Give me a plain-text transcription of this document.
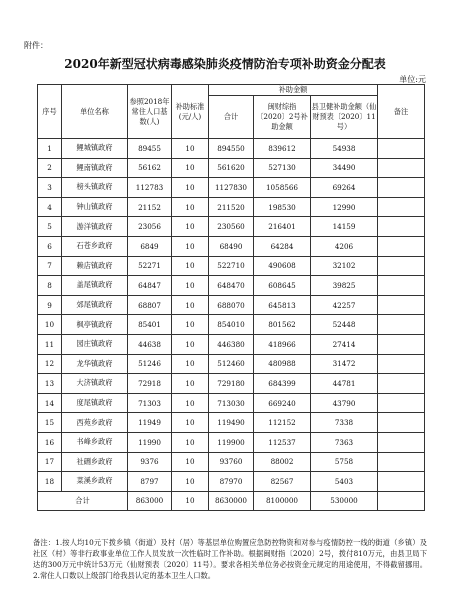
附件：
2020年新型冠状病毒感染肺炎疫情防治专项补助资金分配表
单位:元
序号	单位名称	参照2018年常住人口基数(人)	补助标准(元/人)	补助金额			备注
				合计	闽财综指〔2020〕2号补助金额	县卫健补助金额（仙财预表〔2020〕11号）	
1	鲤城镇政府	89455	10	894550	839612	54938	
2	鲤南镇政府	56162	10	561620	527130	34490	
3	榜头镇政府	112783	10	1127830	1058566	69264	
4	钟山镇政府	21152	10	211520	198530	12990	
5	游洋镇政府	23056	10	230560	216401	14159	
6	石苍乡政府	6849	10	68490	64284	4206	
7	赖店镇政府	52271	10	522710	490608	32102	
8	盖尾镇政府	64847	10	648470	608645	39825	
9	郊尾镇政府	68807	10	688070	645813	42257	
10	枫亭镇政府	85401	10	854010	801562	52448	
11	园庄镇政府	44638	10	446380	418966	27414	
12	龙华镇政府	51246	10	512460	480988	31472	
13	大济镇政府	72918	10	729180	684399	44781	
14	度尾镇政府	71303	10	713030	669240	43790	
15	西苑乡政府	11949	10	119490	112152	7338	
16	书峰乡政府	11990	10	119900	112537	7363	
17	社硎乡政府	9376	10	93760	88002	5758	
18	菜溪乡政府	8797	10	87970	82567	5403	
合计		863000	10	8630000	8100000	530000	
备注：1.按人均10元下拨乡镇（街道）及村（居）等基层单位购置应急防控物资和对参与疫情防控一线的街道（乡镇）及社区（村）等非行政事业单位工作人员发放一次性临时工作补助。根据闽财指〔2020〕2号，拨付810万元，由县卫局下达的300万元中统计53万元（仙财预表〔2020〕11号）。要求各相关单位务必按资金元规定的用途使用，不得截留挪用。2.常住人口数以上级部门给我县认定的基本卫生人口数。
